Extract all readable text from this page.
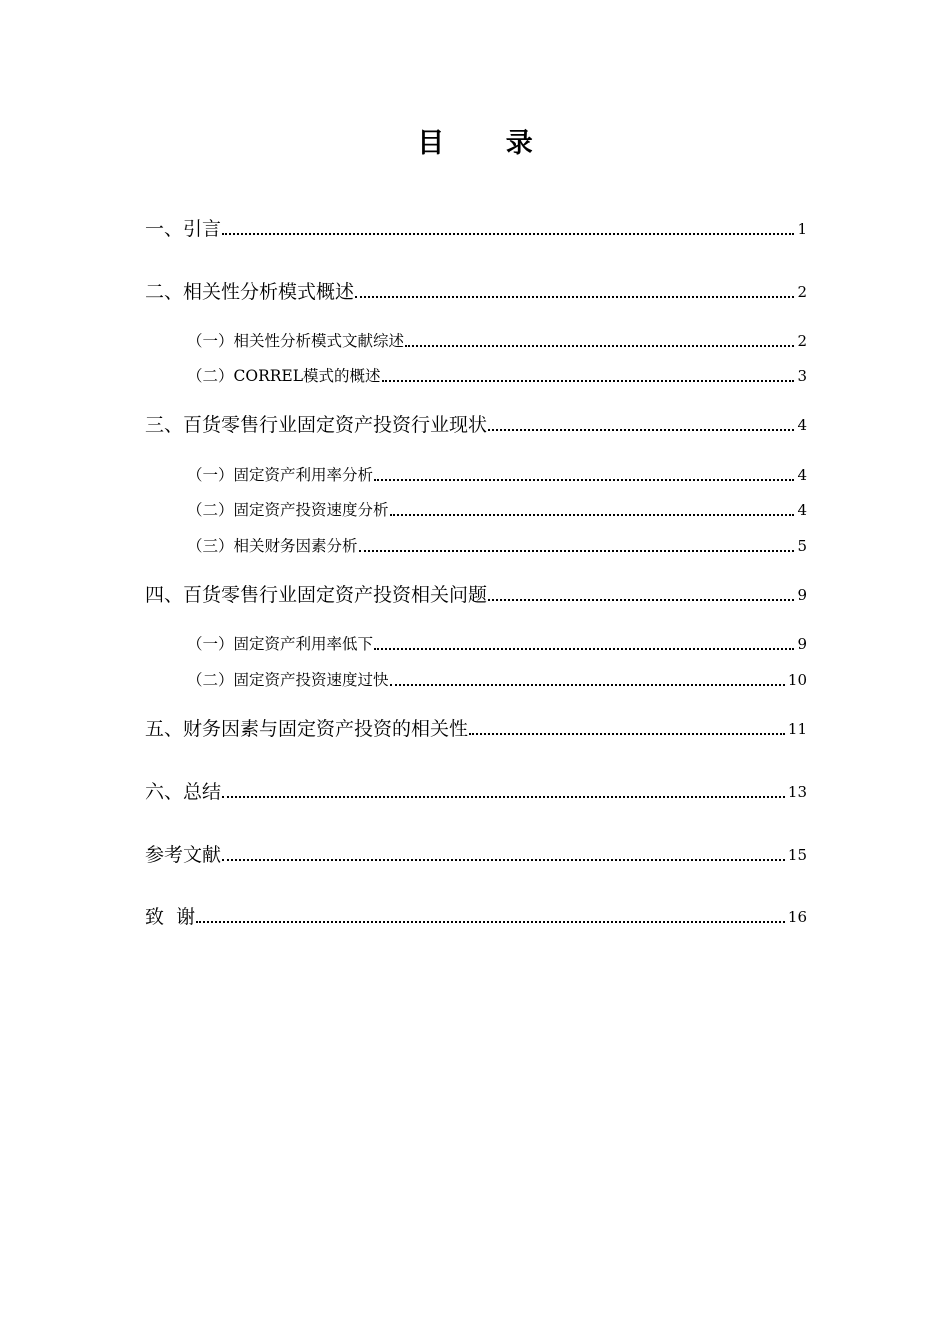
目 录
一、引言	1
二、相关性分析模式概述	2
（一）相关性分析模式文献综述	2
（二）CORREL模式的概述	3
三、百货零售行业固定资产投资行业现状	4
（一）固定资产利用率分析	4
（二）固定资产投资速度分析	4
（三）相关财务因素分析	5
四、百货零售行业固定资产投资相关问题	9
（一）固定资产利用率低下	9
（二）固定资产投资速度过快	10
五、财务因素与固定资产投资的相关性	11
六、总结	13
参考文献	15
致  谢	16
